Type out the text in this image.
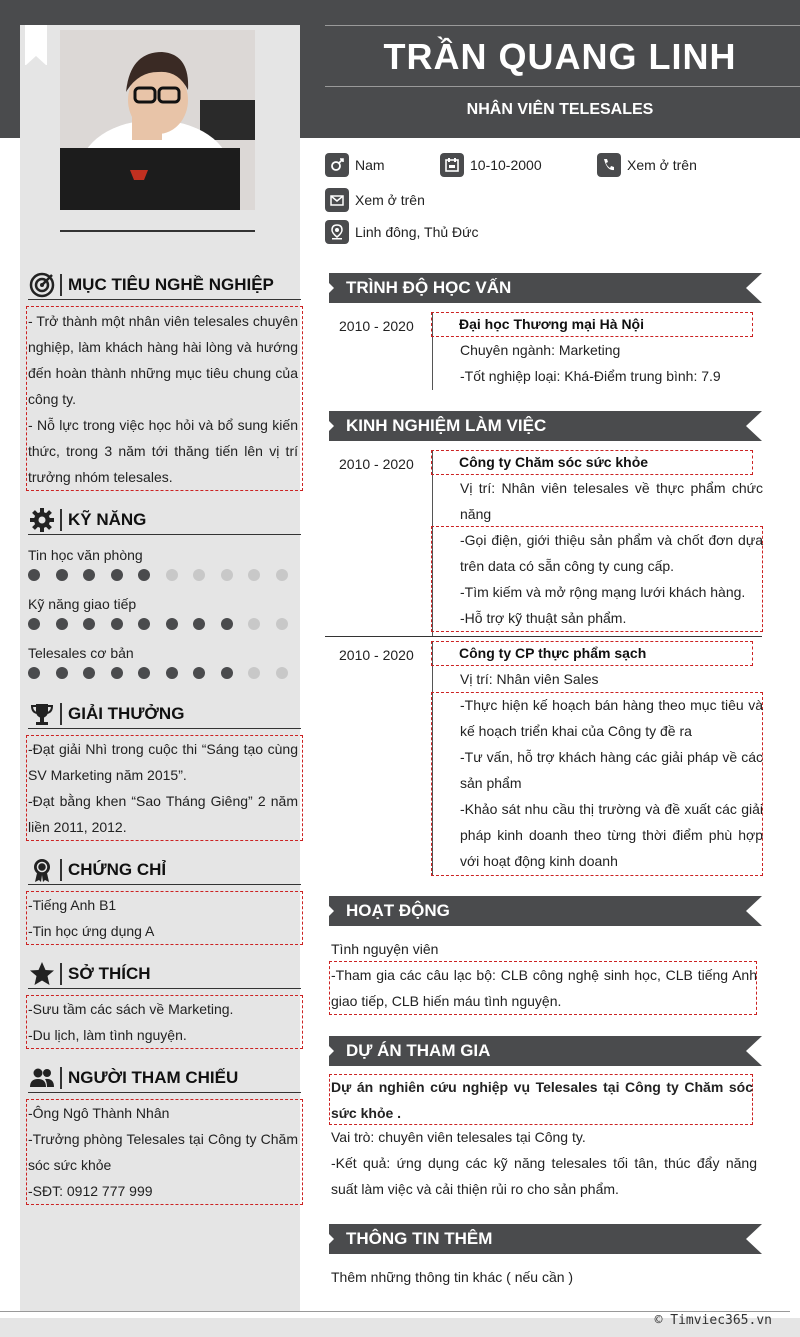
TRẦN QUANG LINH
NHÂN VIÊN TELESALES
Nam	10-10-2000	Xem ở trên
Xem ở trên
Linh đông, Thủ Đức
MỤC TIÊU NGHỀ NGHIỆP

- Trở thành một nhân viên telesales chuyên nghiệp, làm khách hàng hài lòng và hướng đến hoàn thành những mục tiêu chung của công ty.

- Nỗ lực trong việc học hỏi và bổ sung kiến thức, trong 3 năm tới thăng tiến lên vị trí trưởng nhóm telesales.

KỸ NĂNG
Tin học văn phòng
Kỹ năng giao tiếp
Telesales cơ bản
GIẢI THƯỞNG

-Đạt giải Nhì trong cuộc thi “Sáng tạo cùng SV Marketing năm 2015”.

-Đạt bằng khen “Sao Tháng Giêng” 2 năm liền 2011, 2012.

CHỨNG CHỈ

-Tiếng Anh B1

-Tin học ứng dụng A

SỞ THÍCH

-Sưu tầm các sách về Marketing.

-Du lịch, làm tình nguyện.

NGƯỜI THAM CHIẾU

-Ông Ngô Thành Nhân

-Trưởng phòng Telesales tại Công ty Chăm sóc sức khỏe

-SĐT: 0912 777 999

TRÌNH ĐỘ HỌC VẤN
2010 - 2020	Đại học Thương mại Hà Nội

Chuyên ngành: Marketing

-Tốt nghiệp loại: Khá-Điểm trung bình: 7.9

KINH NGHIỆM LÀM VIỆC
2010 - 2020	Công ty Chăm sóc sức khỏe
Vị trí: Nhân viên telesales về thực phẩm chức năng

-Gọi điện, giới thiệu sản phẩm và chốt đơn dựa trên data có sẵn công ty cung cấp.

-Tìm kiếm và mở rộng mạng lưới khách hàng.

-Hỗ trợ kỹ thuật sản phẩm.

2010 - 2020	Công ty CP thực phẩm sạch
Vị trí: Nhân viên Sales

-Thực hiện kế hoạch bán hàng theo mục tiêu và kế hoạch triển khai của Công ty đề ra

-Tư vấn, hỗ trợ khách hàng các giải pháp về các sản phẩm

-Khảo sát nhu cầu thị trường và đề xuất các giải pháp kinh doanh theo từng thời điểm phù hợp với hoạt động kinh doanh

HOẠT ĐỘNG
Tình nguyện viên
-Tham gia các câu lạc bộ: CLB công nghệ sinh học, CLB tiếng Anh giao tiếp, CLB hiến máu tình nguyện.
DỰ ÁN THAM GIA
Dự án nghiên cứu nghiệp vụ Telesales tại Công ty Chăm sóc sức khỏe .
Vai trò: chuyên viên telesales tại Công ty.
-Kết quả: ứng dụng các kỹ năng telesales tối tân, thúc đẩy năng suất làm việc và cải thiện rủi ro cho sản phẩm.
THÔNG TIN THÊM
Thêm những thông tin khác ( nếu cần )
© Timviec365.vn
